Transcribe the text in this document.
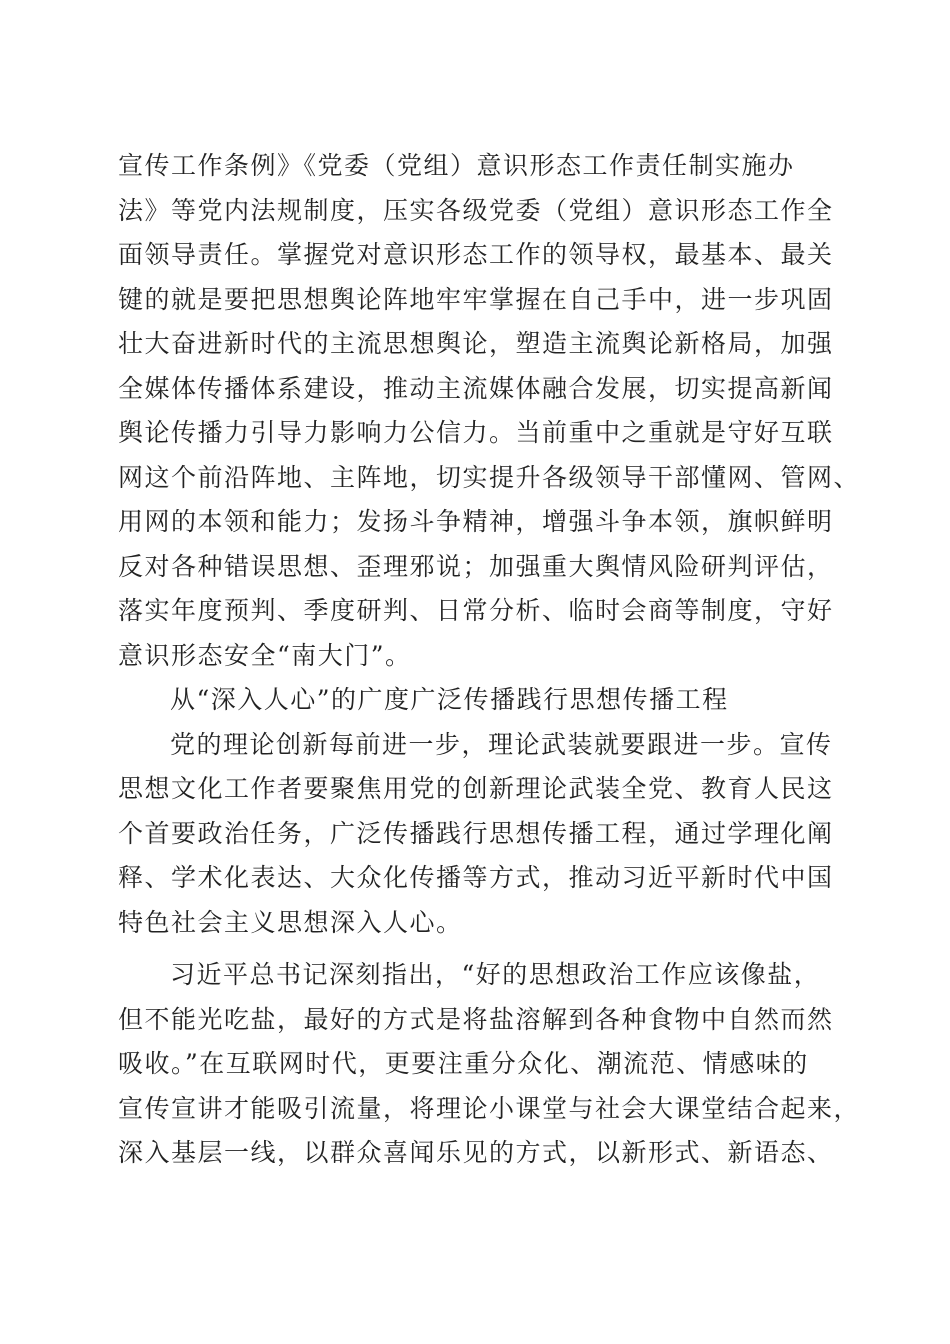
宣传工作条例》《党委（党组）意识形态工作责任制实施办
法》等党内法规制度，压实各级党委（党组）意识形态工作全
面领导责任。掌握党对意识形态工作的领导权，最基本、最关
键的就是要把思想舆论阵地牢牢掌握在自己手中，进一步巩固
壮大奋进新时代的主流思想舆论，塑造主流舆论新格局，加强
全媒体传播体系建设，推动主流媒体融合发展，切实提高新闻
舆论传播力引导力影响力公信力。当前重中之重就是守好互联
网这个前沿阵地、主阵地，切实提升各级领导干部懂网、管网、
用网的本领和能力；发扬斗争精神，增强斗争本领，旗帜鲜明
反对各种错误思想、歪理邪说；加强重大舆情风险研判评估，
落实年度预判、季度研判、日常分析、临时会商等制度，守好
意识形态安全“南大门”。
从“深入人心”的广度广泛传播践行思想传播工程
党的理论创新每前进一步，理论武装就要跟进一步。宣传
思想文化工作者要聚焦用党的创新理论武装全党、教育人民这
个首要政治任务，广泛传播践行思想传播工程，通过学理化阐
释、学术化表达、大众化传播等方式，推动习近平新时代中国
特色社会主义思想深入人心。
习近平总书记深刻指出，“好的思想政治工作应该像盐，
但不能光吃盐，最好的方式是将盐溶解到各种食物中自然而然
吸收。”在互联网时代，更要注重分众化、潮流范、情感味的
宣传宣讲才能吸引流量，将理论小课堂与社会大课堂结合起来，
深入基层一线，以群众喜闻乐见的方式，以新形式、新语态、
